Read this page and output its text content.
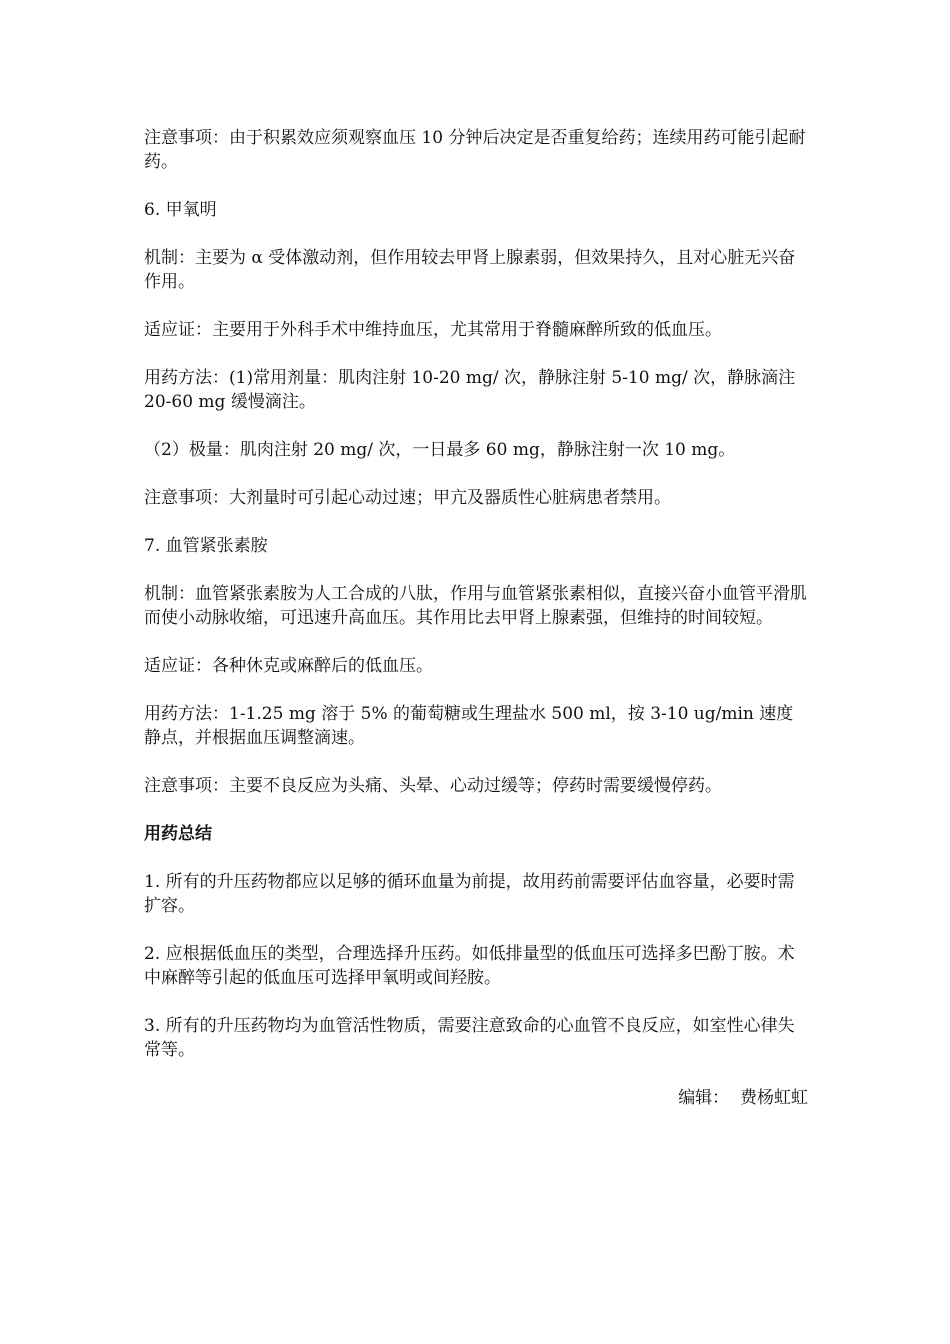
注意事项：由于积累效应须观察血压 10 分钟后决定是否重复给药；连续用药可能引起耐药。

6. 甲氧明

机制：主要为 α 受体激动剂，但作用较去甲肾上腺素弱，但效果持久，且对心脏无兴奋作用。

适应证：主要用于外科手术中维持血压，尤其常用于脊髓麻醉所致的低血压。

用药方法：(1)常用剂量：肌肉注射 10-20 mg/ 次，静脉注射 5-10 mg/ 次，静脉滴注 20-60 mg 缓慢滴注。

（2）极量：肌肉注射 20 mg/ 次，一日最多 60 mg，静脉注射一次 10 mg。

注意事项：大剂量时可引起心动过速；甲亢及器质性心脏病患者禁用。

7. 血管紧张素胺

机制：血管紧张素胺为人工合成的八肽，作用与血管紧张素相似，直接兴奋小血管平滑肌而使小动脉收缩，可迅速升高血压。其作用比去甲肾上腺素强，但维持的时间较短。

适应证：各种休克或麻醉后的低血压。

用药方法：1-1.25 mg 溶于 5% 的葡萄糖或生理盐水 500 ml，按 3-10 ug/min 速度静点，并根据血压调整滴速。

注意事项：主要不良反应为头痛、头晕、心动过缓等；停药时需要缓慢停药。

用药总结

1. 所有的升压药物都应以足够的循环血量为前提，故用药前需要评估血容量，必要时需扩容。

2. 应根据低血压的类型，合理选择升压药。如低排量型的低血压可选择多巴酚丁胺。术中麻醉等引起的低血压可选择甲氧明或间羟胺。

3. 所有的升压药物均为血管活性物质，需要注意致命的心血管不良反应，如室性心律失常等。

编辑：  费杨虹虹
